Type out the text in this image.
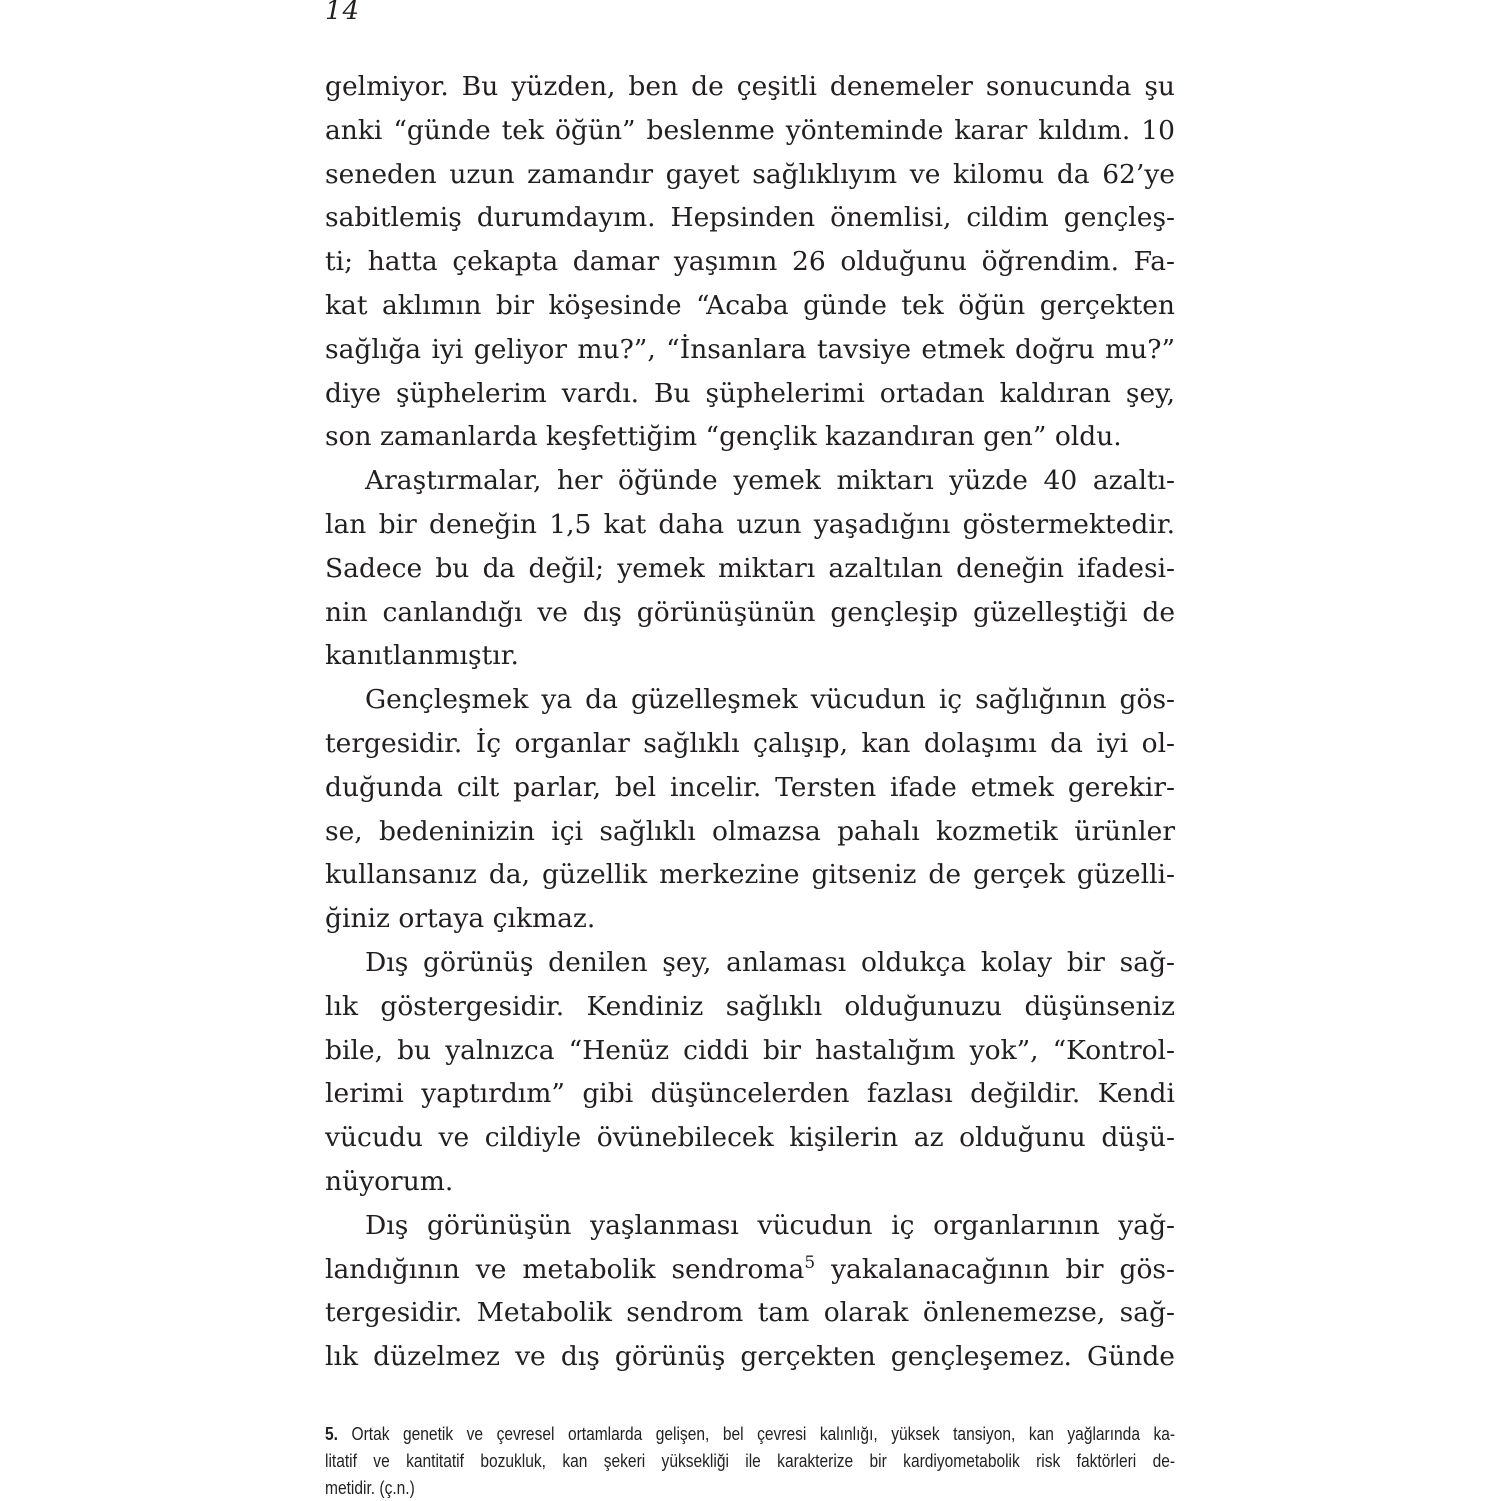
14
gelmiyor. Bu yüzden, ben de çeşitli denemeler sonucunda şu
anki “günde tek öğün” beslenme yönteminde karar kıldım. 10
seneden uzun zamandır gayet sağlıklıyım ve kilomu da 62’ye
sabitlemiş durumdayım. Hepsinden önemlisi, cildim gençleş-
ti; hatta çekapta damar yaşımın 26 olduğunu öğrendim. Fa-
kat aklımın bir köşesinde “Acaba günde tek öğün gerçekten
sağlığa iyi geliyor mu?”, “İnsanlara tavsiye etmek doğru mu?”
diye şüphelerim vardı. Bu şüphelerimi ortadan kaldıran şey,
son zamanlarda keşfettiğim “gençlik kazandıran gen” oldu.
Araştırmalar, her öğünde yemek miktarı yüzde 40 azaltı-
lan bir deneğin 1,5 kat daha uzun yaşadığını göstermektedir.
Sadece bu da değil; yemek miktarı azaltılan deneğin ifadesi-
nin canlandığı ve dış görünüşünün gençleşip güzelleştiği de
kanıtlanmıştır.
Gençleşmek ya da güzelleşmek vücudun iç sağlığının gös-
tergesidir. İç organlar sağlıklı çalışıp, kan dolaşımı da iyi ol-
duğunda cilt parlar, bel incelir. Tersten ifade etmek gerekir-
se, bedeninizin içi sağlıklı olmazsa pahalı kozmetik ürünler
kullansanız da, güzellik merkezine gitseniz de gerçek güzelli-
ğiniz ortaya çıkmaz.
Dış görünüş denilen şey, anlaması oldukça kolay bir sağ-
lık göstergesidir. Kendiniz sağlıklı olduğunuzu düşünseniz
bile, bu yalnızca “Henüz ciddi bir hastalığım yok”, “Kontrol-
lerimi yaptırdım” gibi düşüncelerden fazlası değildir. Kendi
vücudu ve cildiyle övünebilecek kişilerin az olduğunu düşü-
nüyorum.
Dış görünüşün yaşlanması vücudun iç organlarının yağ-
landığının ve metabolik sendroma$^5$ yakalanacağının bir gös-
tergesidir. Metabolik sendrom tam olarak önlenemezse, sağ-
lık düzelmez ve dış görünüş gerçekten gençleşemez. Günde
5. Ortak genetik ve çevresel ortamlarda gelişen, bel çevresi kalınlığı, yüksek tansiyon, kan yağlarında ka-
litatif ve kantitatif bozukluk, kan şekeri yüksekliği ile karakterize bir kardiyometabolik risk faktörleri de-
metidir. (ç.n.)
